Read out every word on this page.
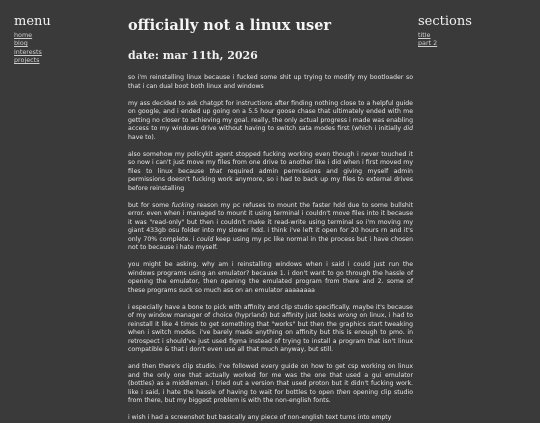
menu
home
blog
interests
projects
officially not a linux user
date: mar 11th, 2026

so i'm reinstalling linux because i fucked some shit up trying to modify my bootloader so that i can dual boot both linux and windows

my ass decided to ask chatgpt for instructions after finding nothing close to a helpful guide on google, and i ended up going on a 5.5 hour goose chase that ultimately ended with me getting no closer to achieving my goal. really, the only actual progress i made was enabling access to my windows drive without having to switch sata modes first (which i initially did have to).

also somehow my policykit agent stopped fucking working even though i never touched it so now i can't just move my files from one drive to another like i did when i first moved my files to linux because that required admin permissions and giving myself admin permissions doesn't fucking work anymore, so i had to back up my files to external drives before reinstalling

but for some fucking reason my pc refuses to mount the faster hdd due to some bullshit error. even when i managed to mount it using terminal i couldn't move files into it because it was "read-only" but then i couldn't make it read-write using terminal so i'm moving my giant 433gb osu folder into my slower hdd. i think i've left it open for 20 hours rn and it's only 70% complete. i could keep using my pc like normal in the process but i have chosen not to because i hate myself.

you might be asking, why am i reinstalling windows when i said i could just run the windows programs using an emulator? because 1. i don't want to go through the hassle of opening the emulator, then opening the emulated program from there and 2. some of these programs suck so much ass on an emulator aaaaaaaa

i especially have a bone to pick with affinity and clip studio specifically. maybe it's because of my window manager of choice (hyprland) but affinity just looks wrong on linux, i had to reinstall it like 4 times to get something that "works" but then the graphics start tweaking when i switch modes. i've barely made anything on affinity but this is enough to pmo. in retrospect i should've just used figma instead of trying to install a program that isn't linux compatible & that i don't even use all that much anyway, but still.

and then there's clip studio. i've followed every guide on how to get csp working on linux and the only one that actually worked for me was the one that used a gui emulator (bottles) as a middleman. i tried out a version that used proton but it didn't fucking work. like i said, i hate the hassle of having to wait for bottles to open then opening clip studio from there, but my biggest problem is with the non-english fonts.

i wish i had a screenshot but basically any piece of non-english text turns into empty

sections
title
part 2
